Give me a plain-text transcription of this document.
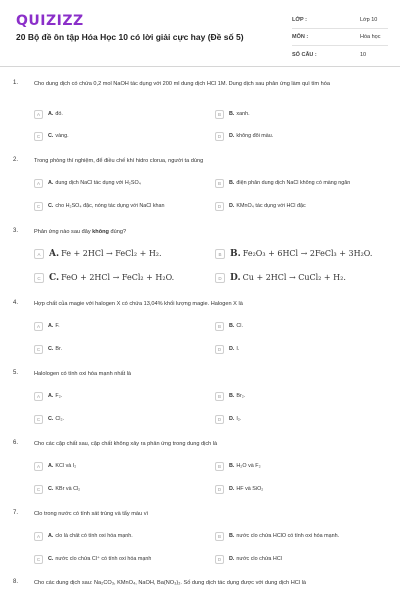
QUIZIZZ
20 Bộ đề ôn tập Hóa Học 10 có lời giải cực hay (Đề số 5)
LỚP :	Lớp 10
MÔN :	Hóa học
SỐ CÂU :	10
1.	Cho dung dịch có chứa 0,2 mol NaOH tác dụng với 200 ml dung dịch HCl 1M. Dung dịch sau phản ứng làm quì tím hóa
A	A. đỏ.	B	B. xanh.
C	C. vàng.	D	D. không đổi màu.
2.	Trong phòng thí nghiệm, để điều chế khí hidro clorua, người ta dùng
A	A. dung dịch NaCl tác dụng với H₂SO₄	B	B. điện phân dung dịch NaCl không có màng ngăn
C	C. cho H₂SO₄ đặc, nóng tác dụng với NaCl khan	D	D. KMnO₄ tác dụng với HCl đặc
3.	Phản ứng nào sau đây không đúng?
A A. Fe + 2HCl → FeCl₂ + H₂.	B B. Fe₂O₃ + 6HCl → 2FeCl₃ + 3H₂O.
C C. FeO + 2HCl → FeCl₂ + H₂O.	D D. Cu + 2HCl → CuCl₂ + H₂.
4.	Hợp chất của magie với halogen X có chứa 13,04% khối lượng magie. Halogen X là
A	A. F.	B	B. Cl.
C	C. Br.	D	D. I.
5.	Halologen có tính oxi hóa mạnh nhất là
A	A. F₂.	B	B. Br₂.
C	C. Cl₂.	D	D. I₂.
6.	Cho các cặp chất sau, cặp chất không xảy ra phản ứng trong dung dịch là
A	A. KCl và I₂	B	B. H₂O và F₂
C	C. KBr và Cl₂	D	D. HF và SiO₂
7.	Clo trong nước có tính sát trùng và tẩy màu vì
A	A. clo là chất có tính oxi hóa mạnh.	B	B. nước clo chứa HClO có tính oxi hóa mạnh.
C	C. nước clo chứa Cl⁺ có tính oxi hóa mạnh	D	D. nước clo chứa HCl
8.	Cho các dung dịch sau: Na₂CO₃, KMnO₄, NaOH, Ba(NO₃)₂. Số dung dịch tác dụng được với dung dịch HCl là
